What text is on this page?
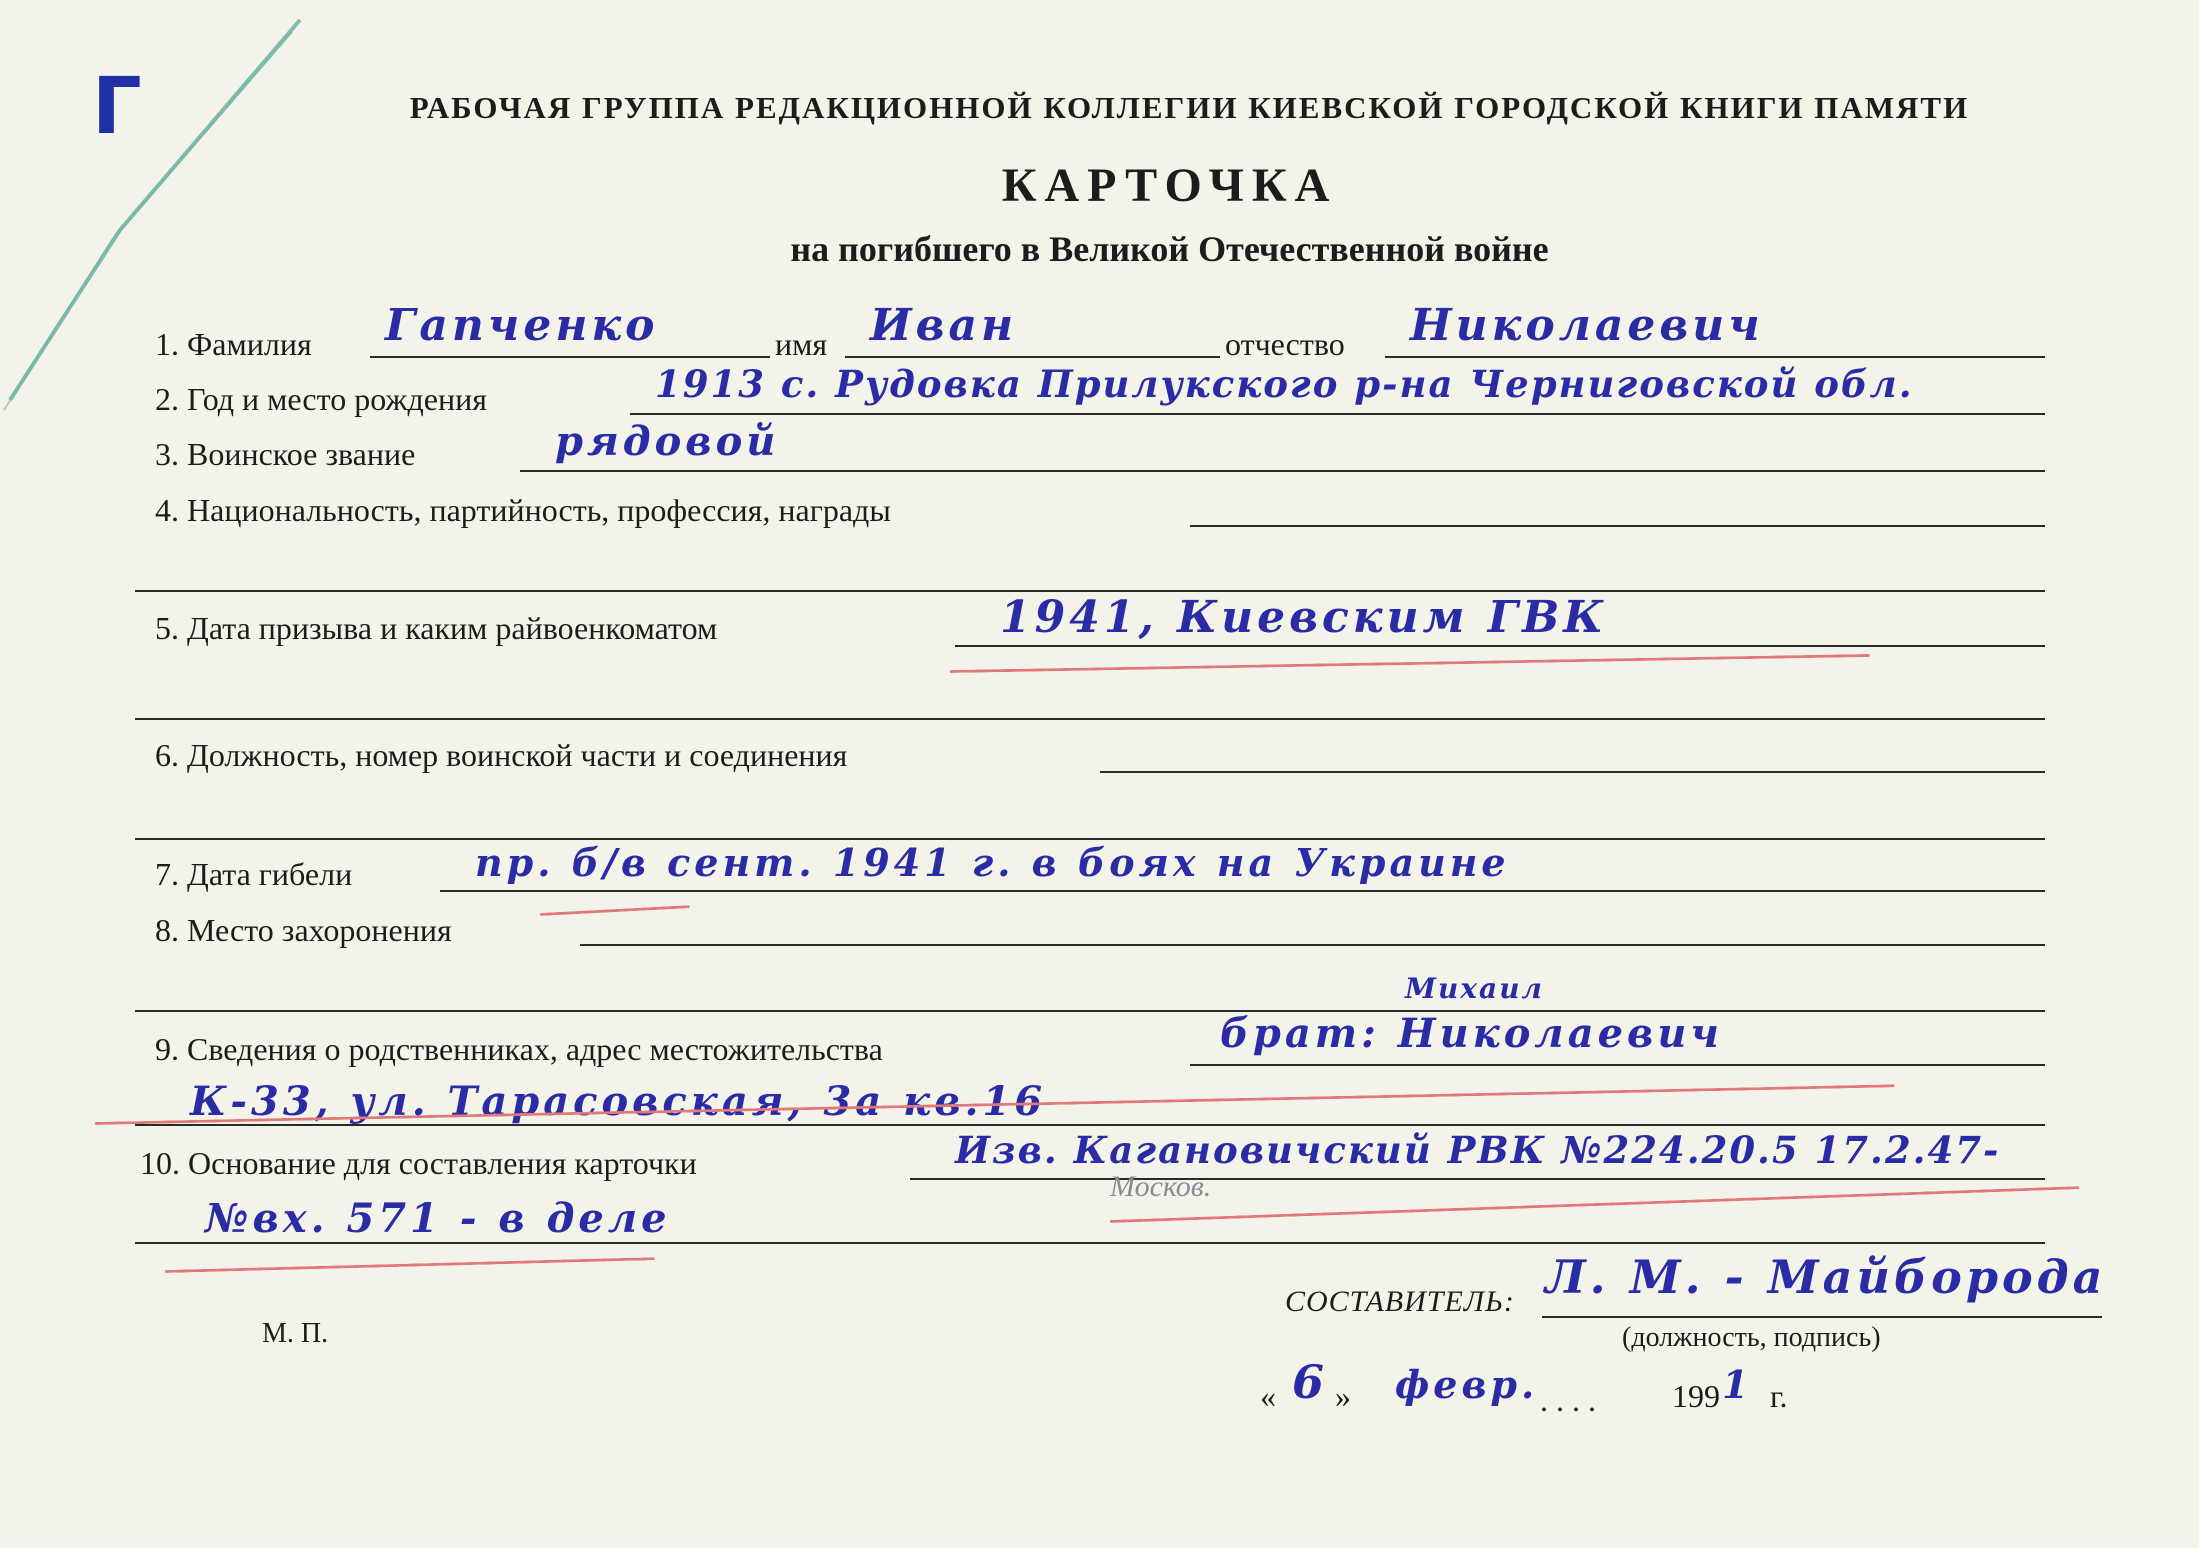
Г	РАБОЧАЯ ГРУППА РЕДАКЦИОННОЙ КОЛЛЕГИИ КИЕВСКОЙ ГОРОДСКОЙ КНИГИ ПАМЯТИ
КАРТОЧКА
на погибшего в Великой Отечественной войне
1. Фамилия Гапченко	имя Иван	отчество Николаевич
2. Год и место рождения	1913 с. Рудовка Прилукского р-на Черниговской обл.
3. Воинское звание	рядовой
4. Национальность, партийность, профессия, награды
5. Дата призыва и каким райвоенкоматом	1941, Киевским ГВК
6. Должность, номер воинской части и соединения
7. Дата гибели	пр. б/в сент. 1941 г. в боях на Украине
8. Место захоронения
Михаил
9. Сведения о родственниках, адрес местожительства	брат: Николаевич
К-33, ул. Тарасовская, 3а кв.16
10. Основание для составления карточки	Изв. Кагановичский РВК №224.20.5 17.2.47-
Москов.
№вх. 571 - в деле
М. П.
СОСТАВИТЕЛЬ: Л. М. - Майборода
(должность, подпись)
« 6 » февр. . . . . 199 1 г.
